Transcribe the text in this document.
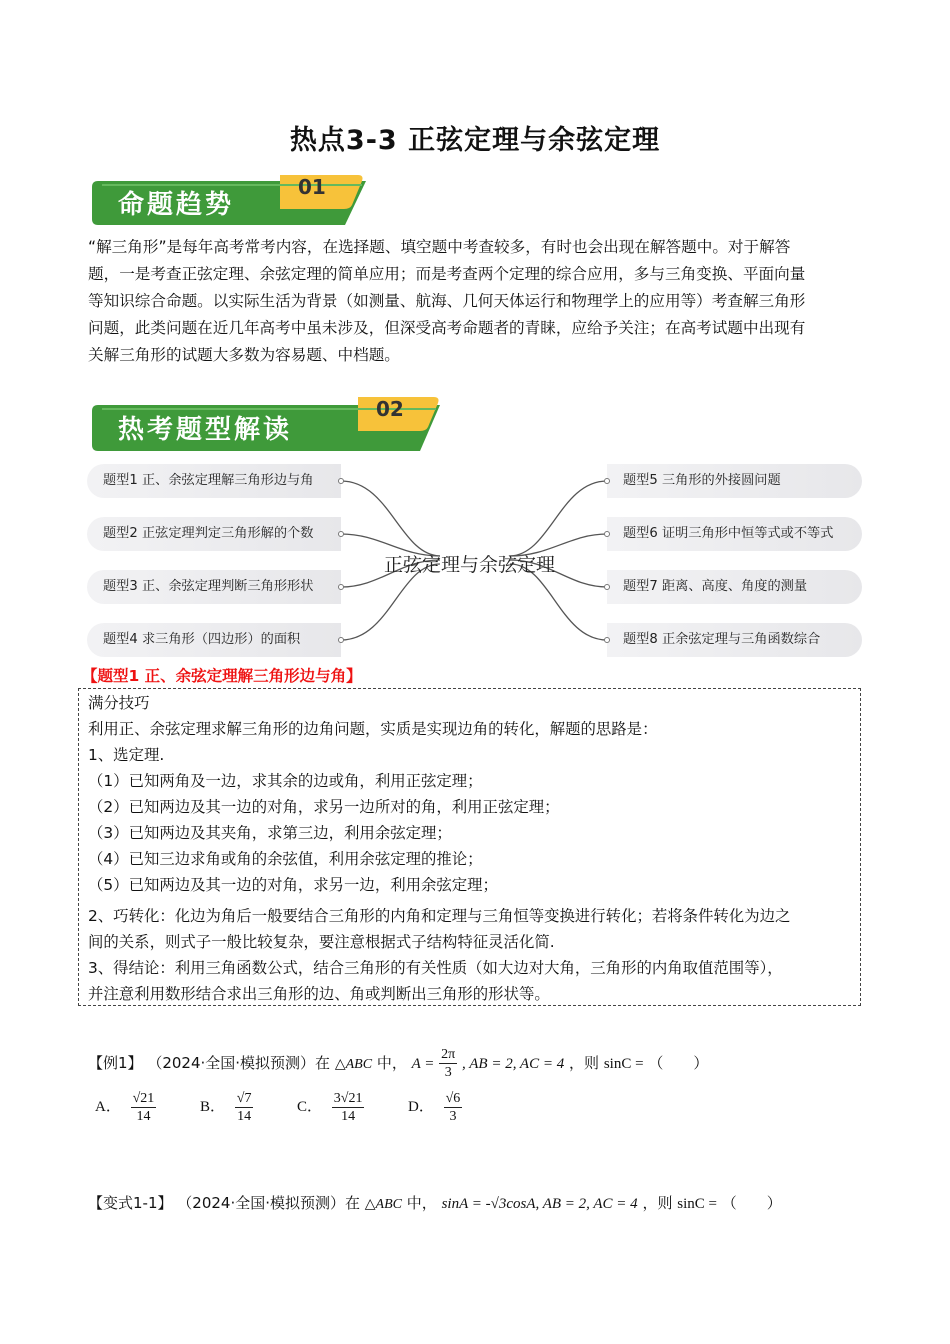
热点3-3 正弦定理与余弦定理
命题趋势
01
“解三角形”是每年高考常考内容，在选择题、填空题中考查较多，有时也会出现在解答题中。对于解答
题，一是考查正弦定理、余弦定理的简单应用；而是考查两个定理的综合应用，多与三角变换、平面向量
等知识综合命题。以实际生活为背景（如测量、航海、几何天体运行和物理学上的应用等）考查解三角形
问题，此类问题在近几年高考中虽未涉及，但深受高考命题者的青睐，应给予关注；在高考试题中出现有
关解三角形的试题大多数为容易题、中档题。
热考题型解读
02
正弦定理与余弦定理
题型1 正、余弦定理解三角形边与角
题型2 正弦定理判定三角形解的个数
题型3 正、余弦定理判断三角形形状
题型4 求三角形（四边形）的面积
题型5 三角形的外接圆问题
题型6 证明三角形中恒等式或不等式
题型7 距离、高度、角度的测量
题型8 正余弦定理与三角函数综合
【题型1 正、余弦定理解三角形边与角】
满分技巧
利用正、余弦定理求解三角形的边角问题，实质是实现边角的转化，解题的思路是：
1、选定理.
（1）已知两角及一边，求其余的边或角，利用正弦定理；
（2）已知两边及其一边的对角，求另一边所对的角，利用正弦定理；
（3）已知两边及其夹角，求第三边，利用余弦定理；
（4）已知三边求角或角的余弦值，利用余弦定理的推论；
（5）已知两边及其一边的对角，求另一边，利用余弦定理；
2、巧转化：化边为角后一般要结合三角形的内角和定理与三角恒等变换进行转化；若将条件转化为边之
间的关系，则式子一般比较复杂，要注意根据式子结构特征灵活化简.
3、得结论：利用三角函数公式，结合三角形的有关性质（如大边对大角，三角形的内角取值范围等），
并注意利用数形结合求出三角形的边、角或判断出三角形的形状等。
【例1】 （2024·全国·模拟预测）在 △ABC 中， $A = \frac{2\pi}{3}$ , AB = 2, AC = 4 ，则 sinC = （　　）
A． $\frac{√21}{14}$	B． $\frac{√7}{14}$	C． $\frac{3√21}{14}$	D． $\frac{√6}{3}$
【变式1-1】 （2024·全国·模拟预测）在 △ABC 中， sinA = -√3cosA, AB = 2, AC = 4 ，则 sinC = （　　）
